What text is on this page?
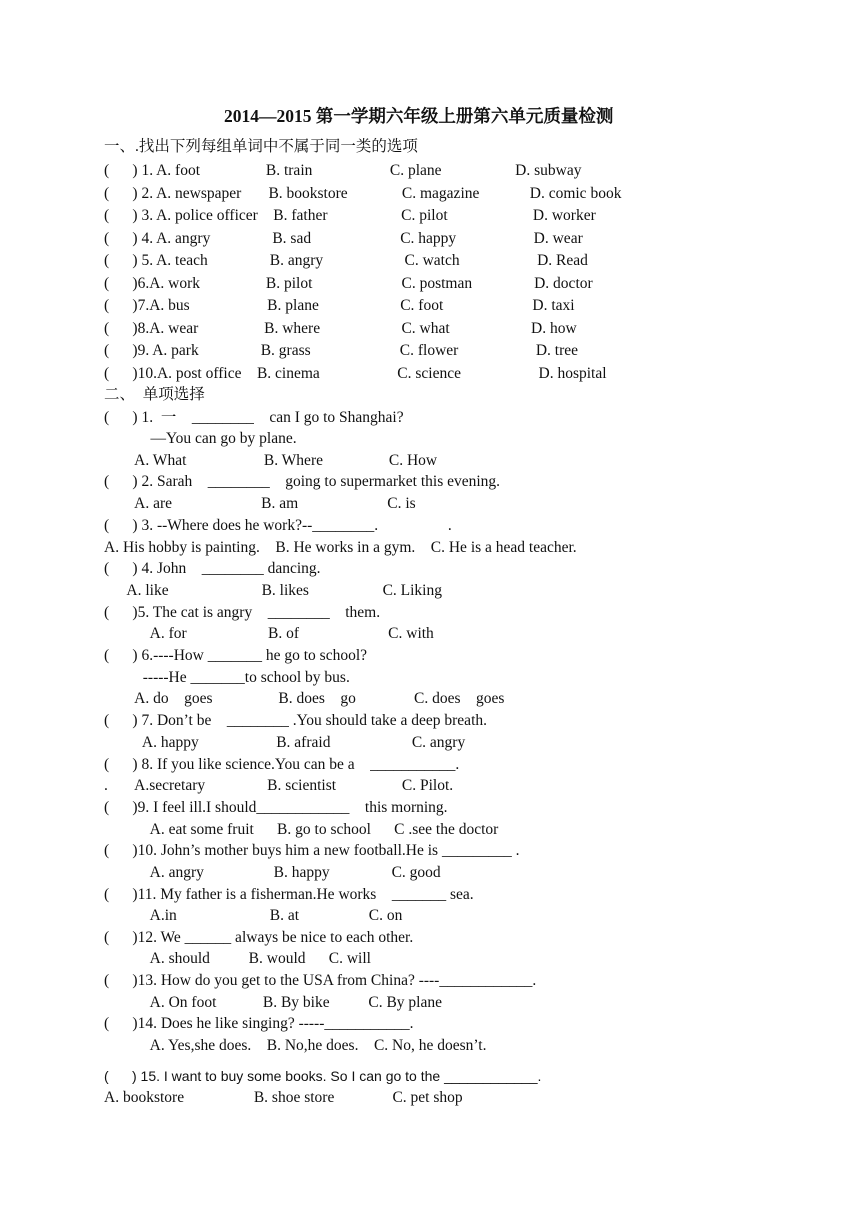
2014—2015 第一学期六年级上册第六单元质量检测
一、.找出下列每组单词中不属于同一类的选项
(      ) 1. A. foot                 B. train                    C. plane                   D. subway
(      ) 2. A. newspaper       B. bookstore              C. magazine             D. comic book
(      ) 3. A. police officer    B. father                   C. pilot                      D. worker
(      ) 4. A. angry                B. sad                       C. happy                    D. wear
(      ) 5. A. teach                B. angry                     C. watch                    D. Read
(      )6.A. work                 B. pilot                       C. postman                D. doctor
(      )7.A. bus                    B. plane                     C. foot                       D. taxi
(      )8.A. wear                 B. where                     C. what                     D. how
(      )9. A. park                B. grass                       C. flower                    D. tree
(      )10.A. post office    B. cinema                    C. science                    D. hospital
二、  单项选择
(      ) 1.  一    ________    can I go to Shanghai?
—You can go by plane.
A. What                    B. Where                 C. How
(      ) 2. Sarah    ________    going to supermarket this evening.
A. are                       B. am                       C. is
(      ) 3. --Where does he work?--________.                  .
A. His hobby is painting.    B. He works in a gym.    C. He is a head teacher.
(      ) 4. John    ________ dancing.
A. like                        B. likes                   C. Liking
(      )5. The cat is angry    ________    them.
A. for                     B. of                       C. with
(      ) 6.----How _______ he go to school?
-----He _______to school by bus.
A. do    goes                 B. does    go               C. does    goes
(      ) 7. Don’t be    ________ .You should take a deep breath.
A. happy                    B. afraid                     C. angry
(      ) 8. If you like science.You can be a    ___________.
.       A.secretary                B. scientist                 C. Pilot.
(      )9. I feel ill.I should____________    this morning.
A. eat some fruit      B. go to school      C .see the doctor
(      )10. John’s mother buys him a new football.He is _________ .
A. angry                  B. happy                C. good
(      )11. My father is a fisherman.He works    _______ sea.
A.in                        B. at                  C. on
(      )12. We ______ always be nice to each other.
A. should          B. would      C. will
(      )13. How do you get to the USA from China? ----____________.
A. On foot            B. By bike          C. By plane
(      )14. Does he like singing? -----___________.
A. Yes,she does.    B. No,he does.    C. No, he doesn’t.
(      ) 15. I want to buy some books. So I can go to the ____________.
A. bookstore                  B. shoe store               C. pet shop
